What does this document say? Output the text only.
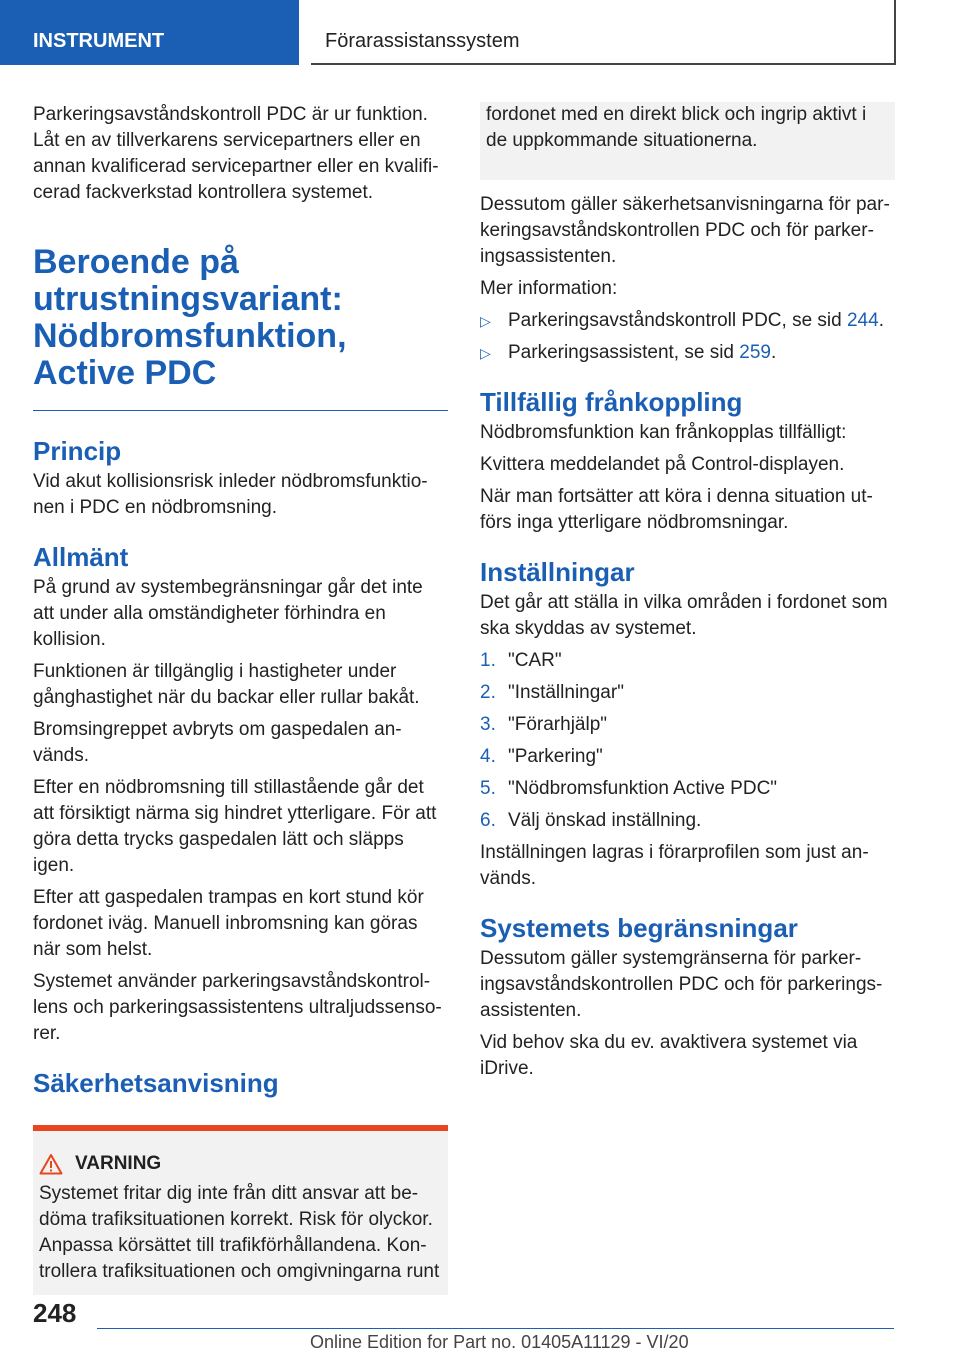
INSTRUMENT	Förarassistanssystem

Parkeringsavståndskontroll PDC är ur funktion. Låt en av tillverkarens servicepartners eller en annan kvalificerad servicepartner eller en kvalificerad fackverkstad kontrollera systemet.

Beroende på utrustningsvariant: Nödbromsfunktion, Active PDC
Princip

Vid akut kollisionsrisk inleder nödbromsfunktionen i PDC en nödbromsning.

Allmänt

På grund av systembegränsningar går det inte att under alla omständigheter förhindra en kollision.

Funktionen är tillgänglig i hastigheter under gånghastighet när du backar eller rullar bakåt.

Bromsingreppet avbryts om gaspedalen används.

Efter en nödbromsning till stillastående går det att försiktigt närma sig hindret ytterligare. För att göra detta trycks gaspedalen lätt och släpps igen.

Efter att gaspedalen trampas en kort stund kör fordonet iväg. Manuell inbromsning kan göras när som helst.

Systemet använder parkeringsavståndskontrollens och parkeringsassistentens ultraljudssensorer.

Säkerhetsanvisning
VARNING

Systemet fritar dig inte från ditt ansvar att bedöma trafiksituationen korrekt. Risk för olyckor. Anpassa körsättet till trafikförhållandena. Kontrollera trafiksituationen och omgivningarna runt

fordonet med en direkt blick och ingrip aktivt i de uppkommande situationerna.

Dessutom gäller säkerhetsanvisningarna för parkeringsavståndskontrollen PDC och för parkeringsassistenten.

Mer information:

▷ Parkeringsavståndskontroll PDC, se sid 244.
▷ Parkeringsassistent, se sid 259.
Tillfällig frånkoppling

Nödbromsfunktion kan frånkopplas tillfälligt:

Kvittera meddelandet på Control-displayen.

När man fortsätter att köra i denna situation utförs inga ytterligare nödbromsningar.

Inställningar

Det går att ställa in vilka områden i fordonet som ska skyddas av systemet.

1. "CAR"
2. "Inställningar"
3. "Förarhjälp"
4. "Parkering"
5. "Nödbromsfunktion Active PDC"
6. Välj önskad inställning.

Inställningen lagras i förarprofilen som just används.

Systemets begränsningar

Dessutom gäller systemgränserna för parkeringsavståndskontrollen PDC och för parkeringsassistenten.

Vid behov ska du ev. avaktivera systemet via iDrive.

248
Online Edition for Part no. 01405A11129 - VI/20
